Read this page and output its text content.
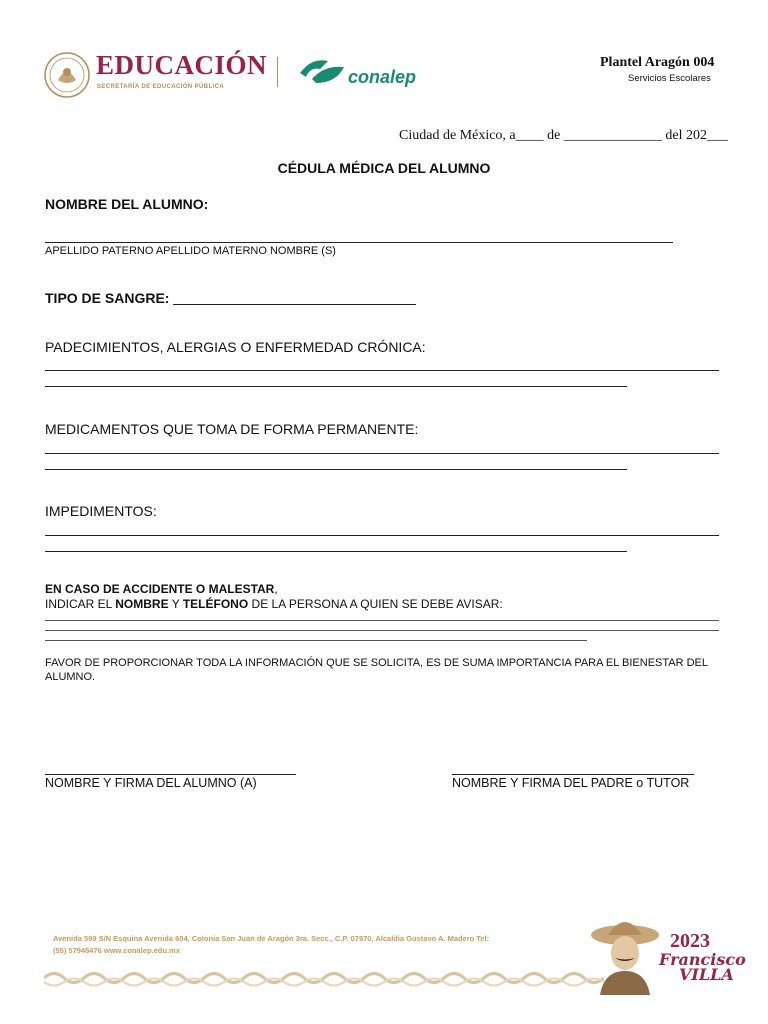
EDUCACIÓN
SECRETARÍA DE EDUCACIÓN PÚBLICA	conalep
Plantel Aragón 004
Servicios Escolares
Ciudad de México, a____ de ______________ del 202___
CÉDULA MÉDICA DEL ALUMNO
NOMBRE DEL ALUMNO:
APELLIDO PATERNO APELLIDO MATERNO NOMBRE (S)
TIPO DE SANGRE:
PADECIMIENTOS, ALERGIAS O ENFERMEDAD CRÓNICA:
MEDICAMENTOS QUE TOMA DE FORMA PERMANENTE:
IMPEDIMENTOS:
EN CASO DE ACCIDENTE O MALESTAR,
INDICAR EL NOMBRE Y TELÉFONO DE LA PERSONA A QUIEN SE DEBE AVISAR:
FAVOR DE PROPORCIONAR TODA LA INFORMACIÓN QUE SE SOLICITA, ES DE SUMA IMPORTANCIA PARA EL BIENESTAR DEL ALUMNO.
NOMBRE Y FIRMA DEL ALUMNO (A)	NOMBRE Y FIRMA DEL PADRE o TUTOR
Avenida 599 S/N Esquina Avenida 604, Colonia San Juan de Aragón 3ra. Secc., C.P. 07970, Alcaldía Gustavo A. Madero Tel:
(55) 57946476 www.conalep.edu.mx	2023
Francisco
VILLA
